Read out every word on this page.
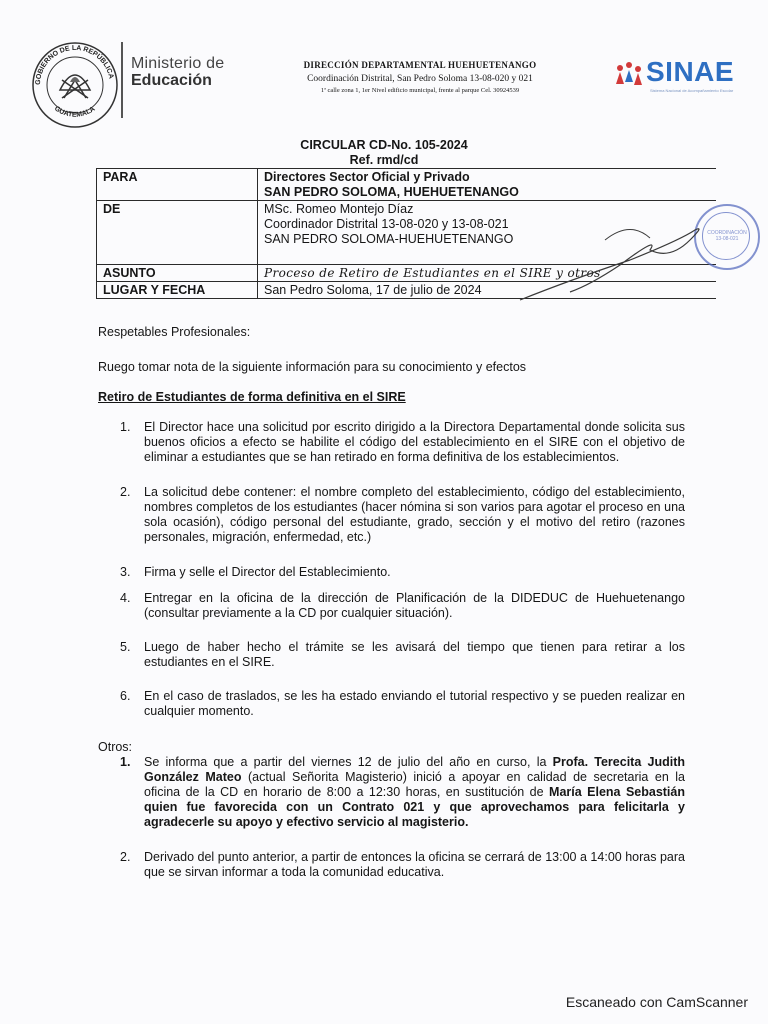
GOBIERNO DE LA REPÚBLICA
GUATEMALA
Ministerio de
Educación
DIRECCIÓN DEPARTAMENTAL HUEHUETENANGO
Coordinación Distrital, San Pedro Soloma 13-08-020 y 021
1ª calle zona 1, 1er Nivel edificio municipal, frente al parque Cel. 30924539
SINAE
Sistema Nacional de Acompañamiento Escolar
CIRCULAR CD-No. 105-2024
Ref. rmd/cd
PARA	Directores Sector Oficial y Privado
SAN PEDRO SOLOMA, HUEHUETENANGO

DE	MSc. Romeo Montejo Díaz
Coordinador Distrital 13-08-020 y 13-08-021
SAN PEDRO SOLOMA-HUEHUETENANGO

ASUNTO	Proceso de Retiro de Estudiantes en el SIRE y otros
LUGAR Y FECHA	San Pedro Soloma, 17 de julio de 2024
COORDINACIÓN 13-08-021
Respetables Profesionales:
Ruego tomar nota de la siguiente información para su conocimiento y efectos
Retiro de Estudiantes de forma definitiva en el SIRE
1. El Director hace una solicitud por escrito dirigido a la Directora Departamental donde solicita sus buenos oficios a efecto se habilite el código del establecimiento en el SIRE con el objetivo de eliminar a estudiantes que se han retirado en forma definitiva de los establecimientos.
2. La solicitud debe contener: el nombre completo del establecimiento, código del establecimiento, nombres completos de los estudiantes (hacer nómina si son varios para agotar el proceso en una sola ocasión), código personal del estudiante, grado, sección y el motivo del retiro (razones personales, migración, enfermedad, etc.)
3. Firma y selle el Director del Establecimiento.
4. Entregar en la oficina de la dirección de Planificación de la DIDEDUC de Huehuetenango (consultar previamente a la CD por cualquier situación).
5. Luego de haber hecho el trámite se les avisará del tiempo que tienen para retirar a los estudiantes en el SIRE.
6. En el caso de traslados, se les ha estado enviando el tutorial respectivo y se pueden realizar en cualquier momento.
Otros:
1. Se informa que a partir del viernes 12 de julio del año en curso, la Profa. Terecita Judith González Mateo (actual Señorita Magisterio) inició a apoyar en calidad de secretaria en la oficina de la CD en horario de 8:00 a 12:30 horas, en sustitución de María Elena Sebastián quien fue favorecida con un Contrato 021 y que aprovechamos para felicitarla y agradecerle su apoyo y efectivo servicio al magisterio.
2. Derivado del punto anterior, a partir de entonces la oficina se cerrará de 13:00 a 14:00 horas para que se sirvan informar a toda la comunidad educativa.
Escaneado con CamScanner
